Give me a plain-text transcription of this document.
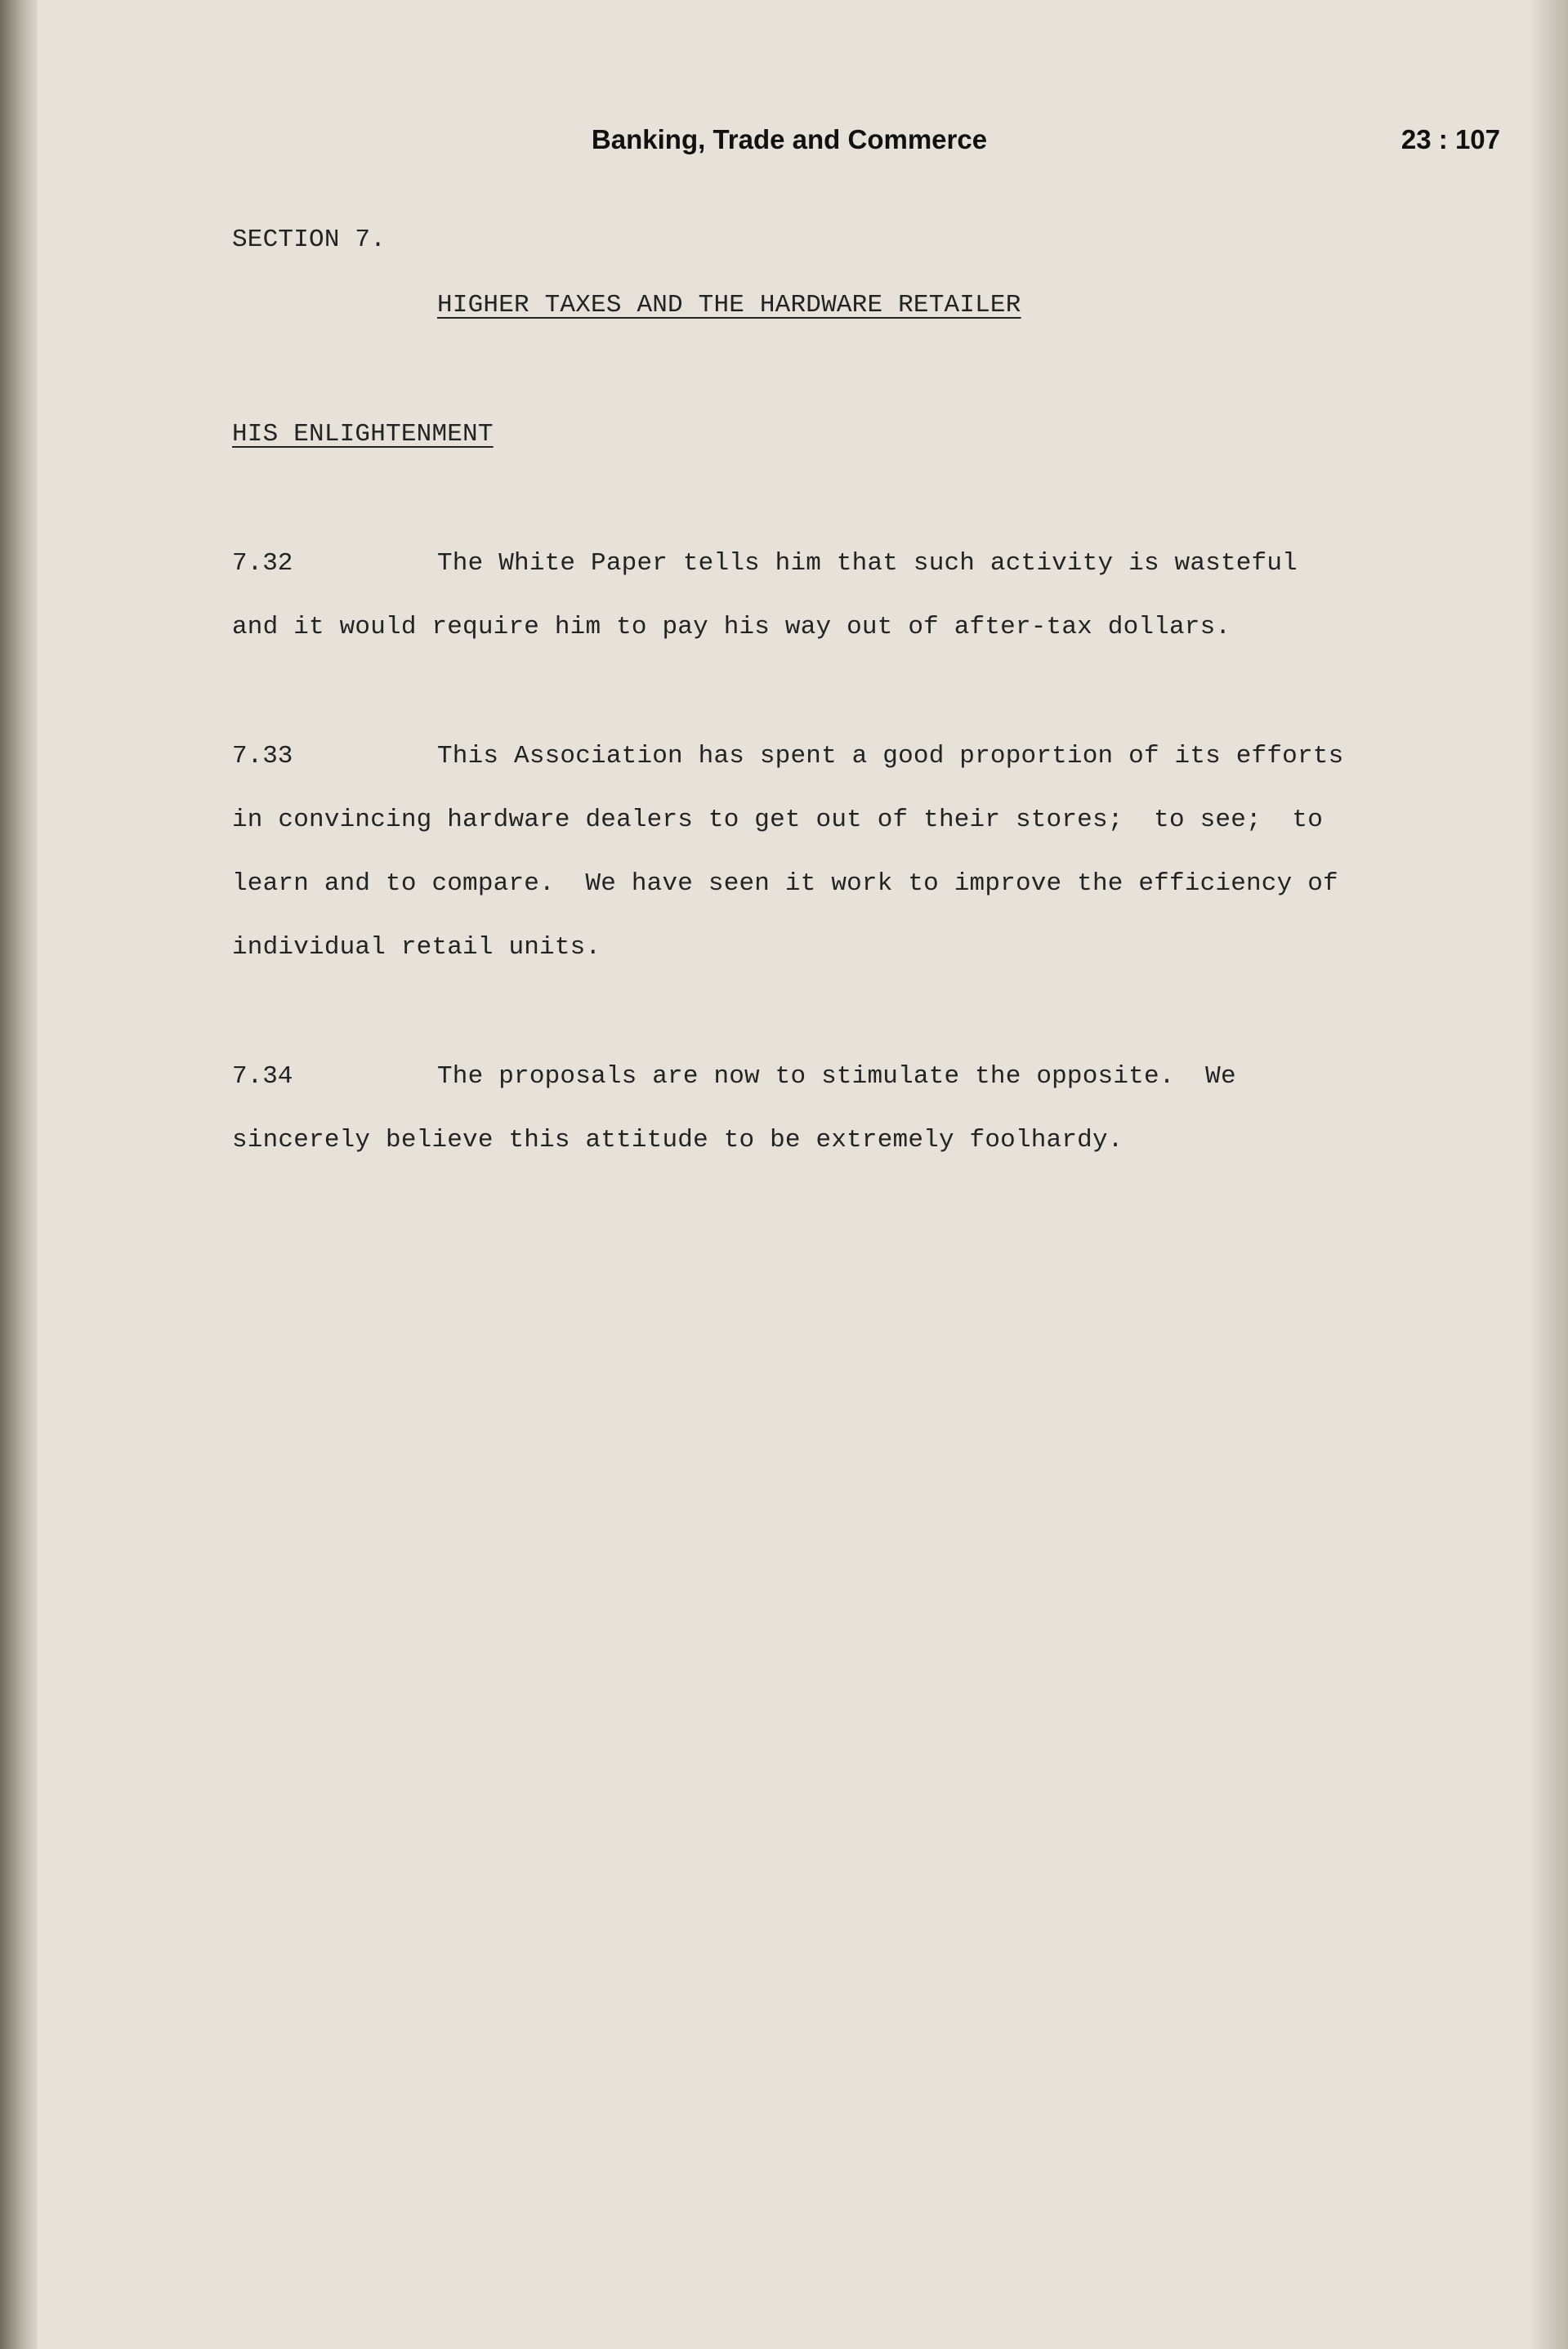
Banking, Trade and Commerce	23 : 107
SECTION 7.
HIGHER TAXES AND THE HARDWARE RETAILER
HIS ENLIGHTENMENT
7.32	The White Paper tells him that such activity is wasteful
and it would require him to pay his way out of after-tax dollars.
7.33	This Association has spent a good proportion of its efforts
in convincing hardware dealers to get out of their stores;  to see;  to
learn and to compare.  We have seen it work to improve the efficiency of
individual retail units.
7.34	The proposals are now to stimulate the opposite.  We
sincerely believe this attitude to be extremely foolhardy.
